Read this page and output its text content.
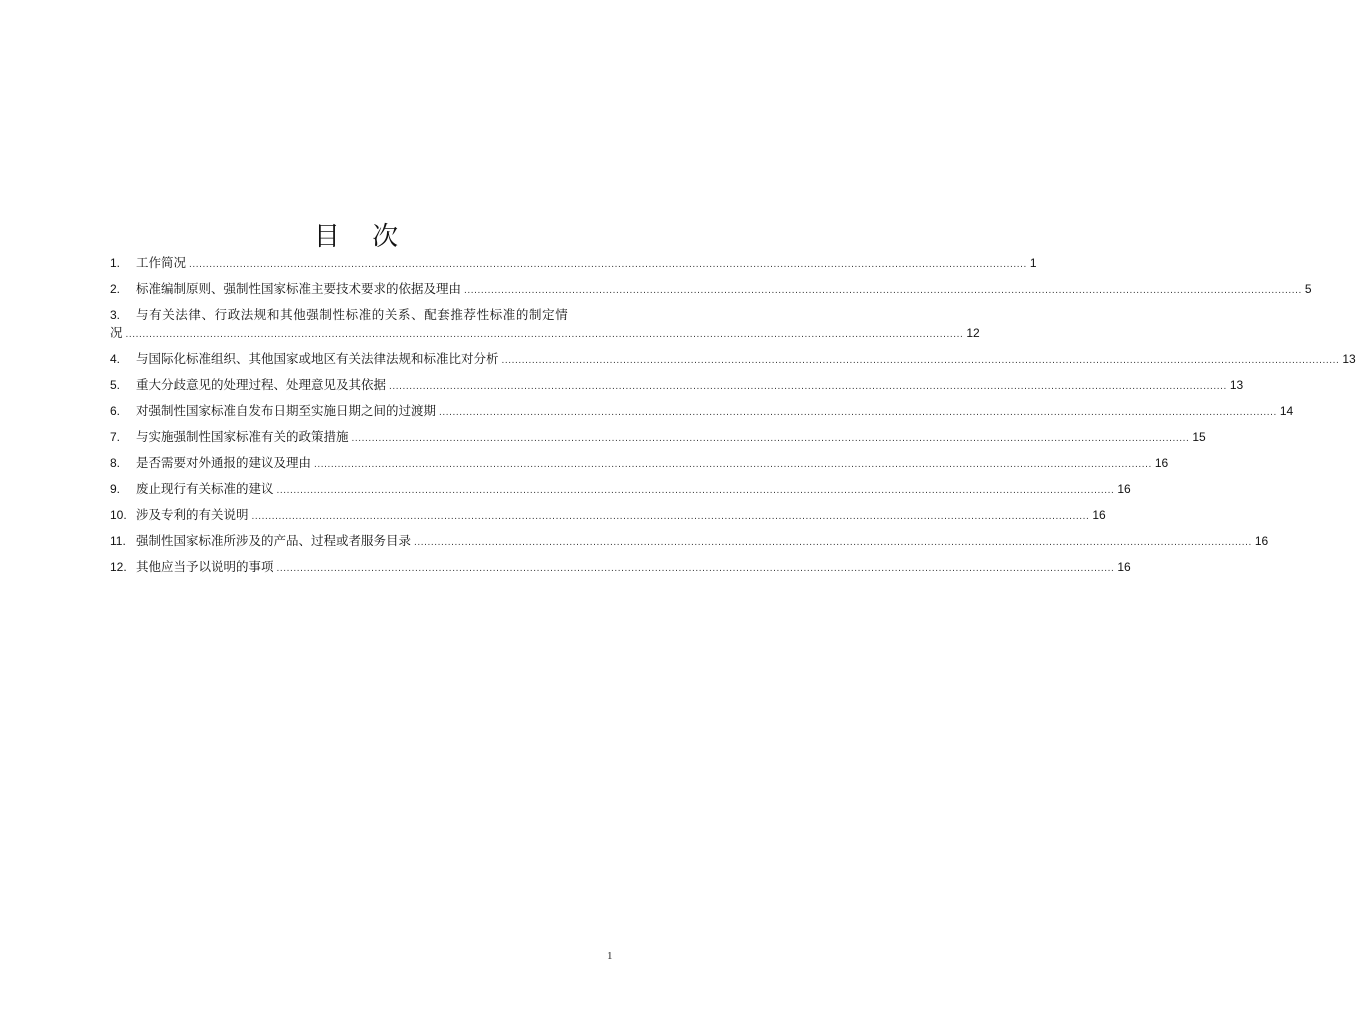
目 次
1.	工作简况 .....	1
2.	标准编制原则、强制性国家标准主要技术要求的依据及理由 .....	5
3.	与有关法律、行政法规和其他强制性标准的关系、配套推荐性标准的制定情
况 .....	12
4.	与国际化标准组织、其他国家或地区有关法律法规和标准比对分析 .....	13
5.	重大分歧意见的处理过程、处理意见及其依据 .....	13
6.	对强制性国家标准自发布日期至实施日期之间的过渡期 .....	14
7.	与实施强制性国家标准有关的政策措施 .....	15
8.	是否需要对外通报的建议及理由 .....	16
9.	废止现行有关标准的建议 .....	16
10. 涉及专利的有关说明 .....	16
11. 强制性国家标准所涉及的产品、过程或者服务目录 .....	16
12. 其他应当予以说明的事项 .....	16
1
